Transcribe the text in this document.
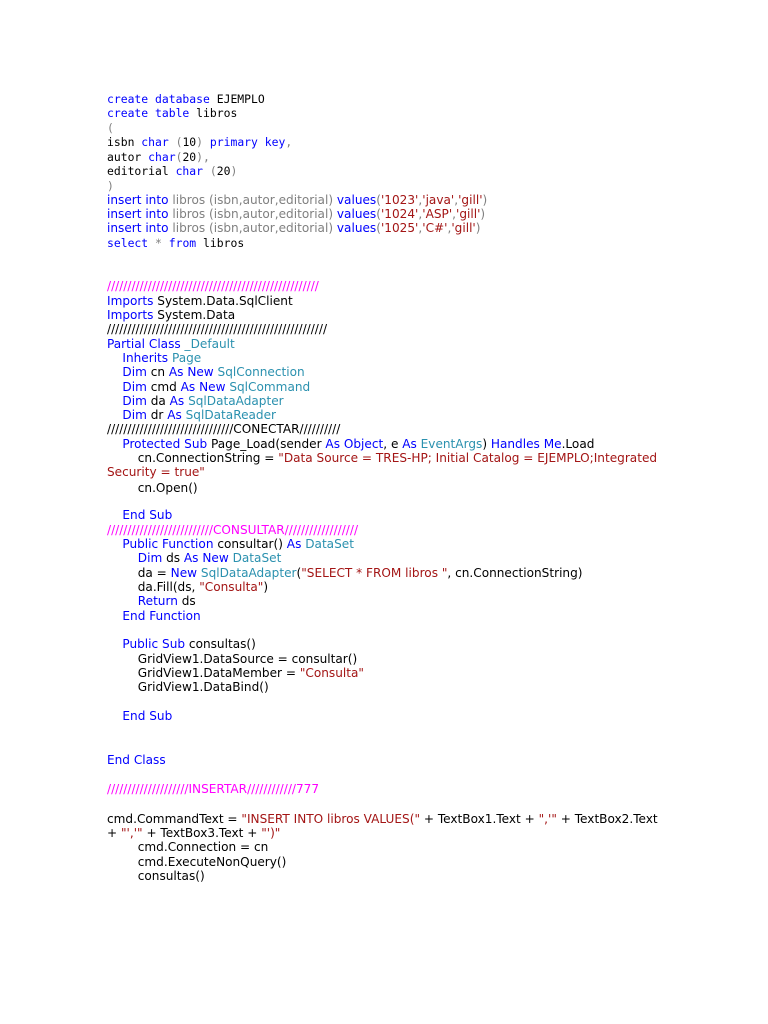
create database EJEMPLO
create table libros
(
isbn char (10) primary key,
autor char(20),
editorial char (20)
)
insert into libros (isbn,autor,editorial) values('1023','java','gill')
insert into libros (isbn,autor,editorial) values('1024','ASP','gill')
insert into libros (isbn,autor,editorial) values('1025','C#','gill')
select * from libros
////////////////////////////////////////////////////
Imports System.Data.SqlClient
Imports System.Data
//////////////////////////////////////////////////////
Partial Class _Default
Inherits Page
Dim cn As New SqlConnection
Dim cmd As New SqlCommand
Dim da As SqlDataAdapter
Dim dr As SqlDataReader
///////////////////////////////CONECTAR//////////
Protected Sub Page_Load(sender As Object, e As EventArgs) Handles Me.Load
cn.ConnectionString = "Data Source = TRES-HP; Initial Catalog = EJEMPLO;Integrated
Security = true"
cn.Open()
End Sub
//////////////////////////CONSULTAR//////////////////
Public Function consultar() As DataSet
Dim ds As New DataSet
da = New SqlDataAdapter("SELECT * FROM libros ", cn.ConnectionString)
da.Fill(ds, "Consulta")
Return ds
End Function
Public Sub consultas()
GridView1.DataSource = consultar()
GridView1.DataMember = "Consulta"
GridView1.DataBind()
End Sub
End Class
////////////////////INSERTAR////////////777
cmd.CommandText = "INSERT INTO libros VALUES(" + TextBox1.Text + ",'" + TextBox2.Text
+ "','" + TextBox3.Text + "')"
cmd.Connection = cn
cmd.ExecuteNonQuery()
consultas()
